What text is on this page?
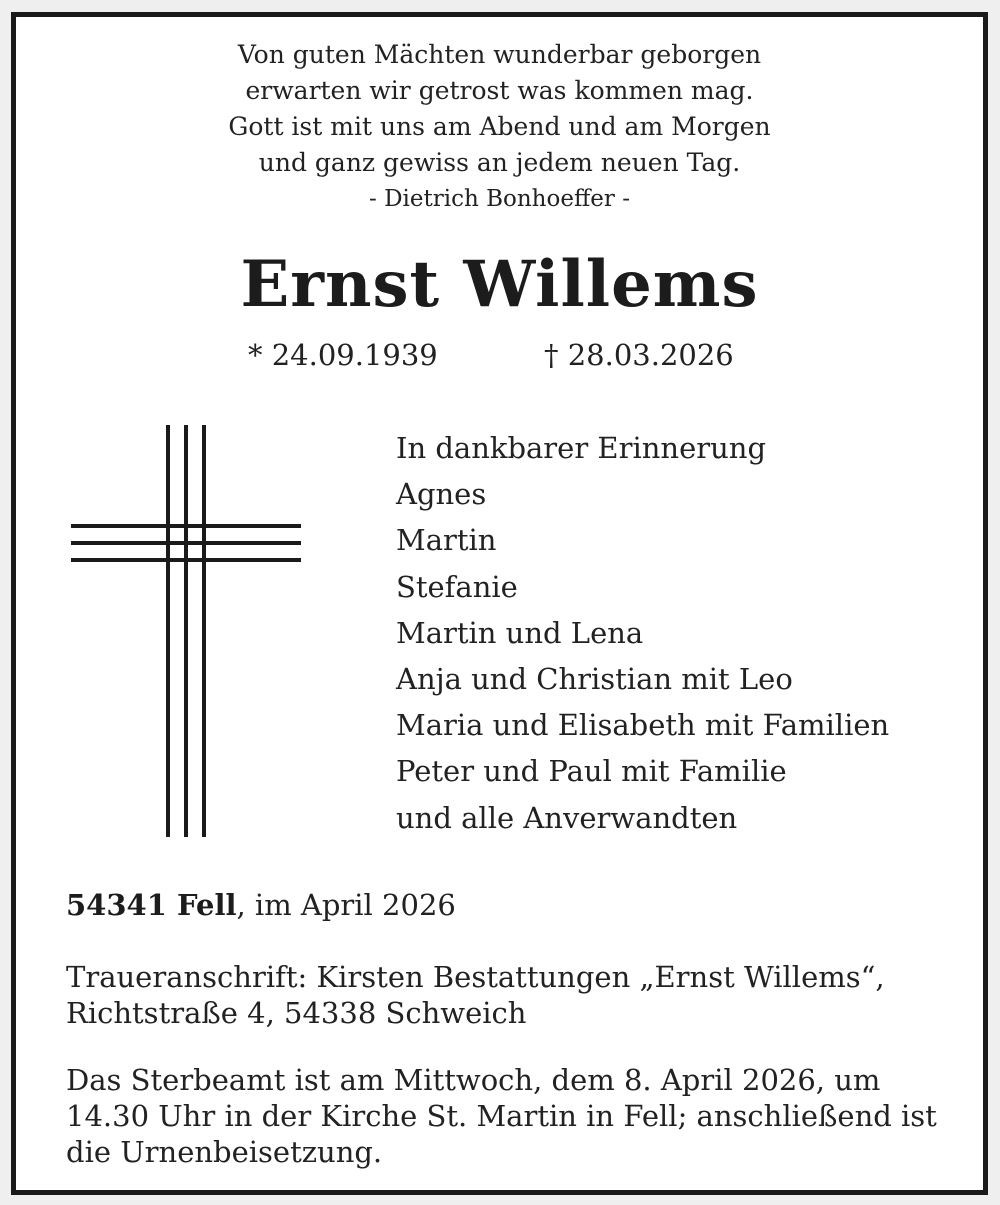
Von guten Mächten wunderbar geborgen
erwarten wir getrost was kommen mag.
Gott ist mit uns am Abend und am Morgen
und ganz gewiss an jedem neuen Tag.
- Dietrich Bonhoeffer -
Ernst Willems
* 24.09.1939	† 28.03.2026
In dankbarer Erinnerung
Agnes
Martin
Stefanie
Martin und Lena
Anja und Christian mit Leo
Maria und Elisabeth mit Familien
Peter und Paul mit Familie
und alle Anverwandten
54341 Fell, im April 2026
Traueranschrift: Kirsten Bestattungen „Ernst Willems“,
Richtstraße 4, 54338 Schweich
Das Sterbeamt ist am Mittwoch, dem 8. April 2026, um
14.30 Uhr in der Kirche St. Martin in Fell; anschließend ist
die Urnenbeisetzung.
